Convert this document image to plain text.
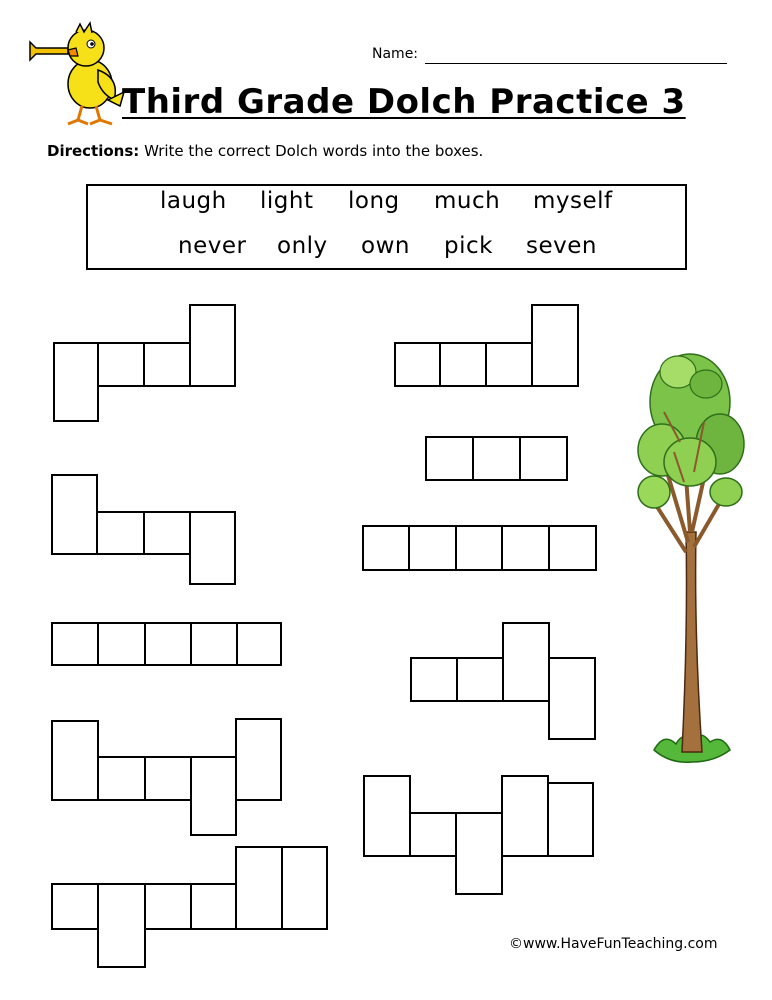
Name:
Third Grade Dolch Practice 3
Directions: Write the correct Dolch words into the boxes.
laugh light long much myself
never only own pick seven
©www.HaveFunTeaching.com
